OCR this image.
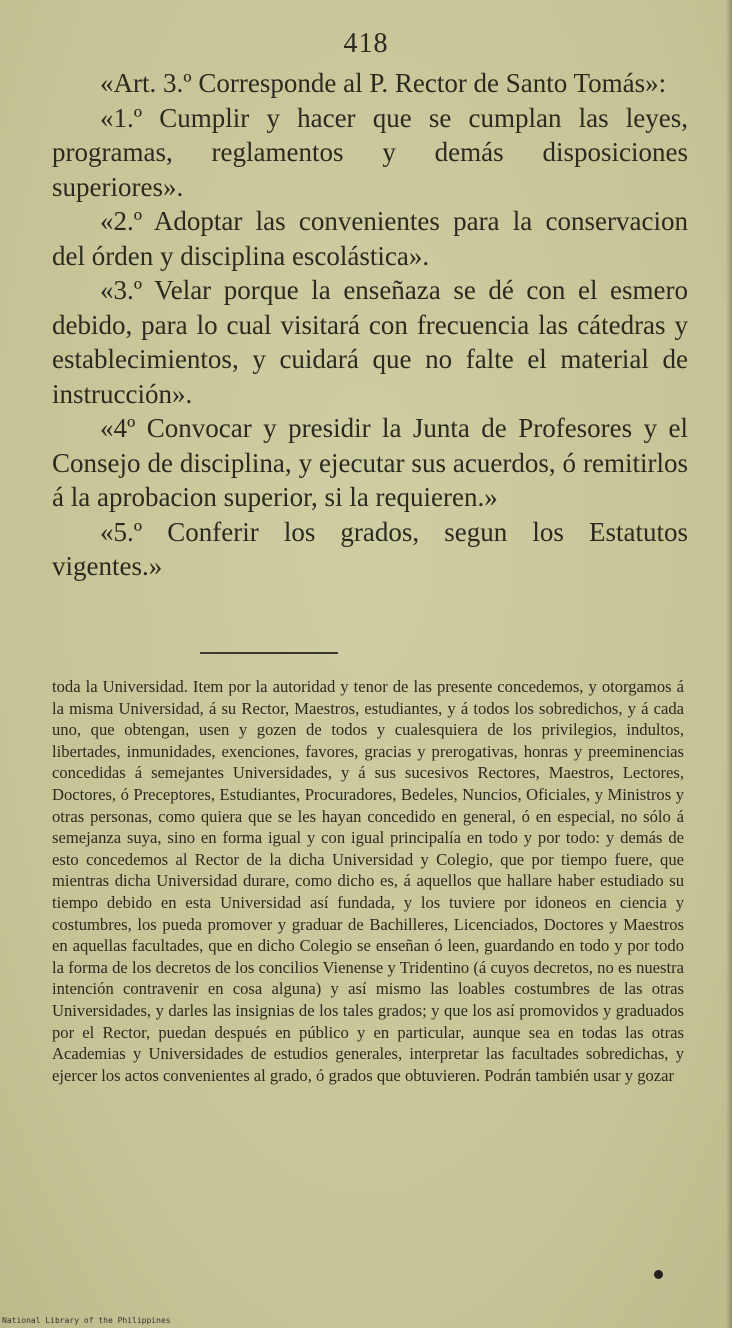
418

«Art. 3.º Corresponde al P. Rector de Santo Tomás»:

«1.º Cumplir y hacer que se cumplan las leyes, programas, reglamentos y demás disposiciones superiores».

«2.º Adoptar las convenientes para la conservacion del órden y disciplina escolástica».

«3.º Velar porque la enseñaza se dé con el esmero debido, para lo cual visitará con frecuencia las cátedras y establecimientos, y cuidará que no falte el material de instrucción».

«4º Convocar y presidir la Junta de Profesores y el Consejo de disciplina, y ejecutar sus acuerdos, ó remitirlos á la aprobacion superior, si la requieren.»

«5.º Conferir los grados, segun los Estatutos vigentes.»

toda la Universidad. Item por la autoridad y tenor de las presente concedemos, y otorgamos á la misma Universidad, á su Rector, Maestros, estudiantes, y á todos los sobredichos, y á cada uno, que obtengan, usen y gozen de todos y cualesquiera de los privilegios, indultos, libertades, inmunidades, exenciones, favores, gracias y prerogativas, honras y preeminencias concedidas á semejantes Universidades, y á sus sucesivos Rectores, Maestros, Lectores, Doctores, ó Preceptores, Estudiantes, Procuradores, Bedeles, Nuncios, Oficiales, y Ministros y otras personas, como quiera que se les hayan concedido en general, ó en especial, no sólo á semejanza suya, sino en forma igual y con igual principalía en todo y por todo: y demás de esto concedemos al Rector de la dicha Universidad y Colegio, que por tiempo fuere, que mientras dicha Universidad durare, como dicho es, á aquellos que hallare haber estudiado su tiempo debido en esta Universidad así fundada, y los tuviere por idoneos en ciencia y costumbres, los pueda promover y graduar de Bachilleres, Licenciados, Doctores y Maestros en aquellas facultades, que en dicho Colegio se enseñan ó leen, guardando en todo y por todo la forma de los decretos de los concilios Vienense y Tridentino (á cuyos decretos, no es nuestra intención contravenir en cosa alguna) y así mismo las loables costumbres de las otras Universidades, y darles las insignias de los tales grados; y que los así promovidos y graduados por el Rector, puedan después en público y en particular, aunque sea en todas las otras Academias y Universidades de estudios generales, interpretar las facultades sobredichas, y ejercer los actos convenientes al grado, ó grados que obtuvieren. Podrán también usar y gozar

National Library of the Philippines
